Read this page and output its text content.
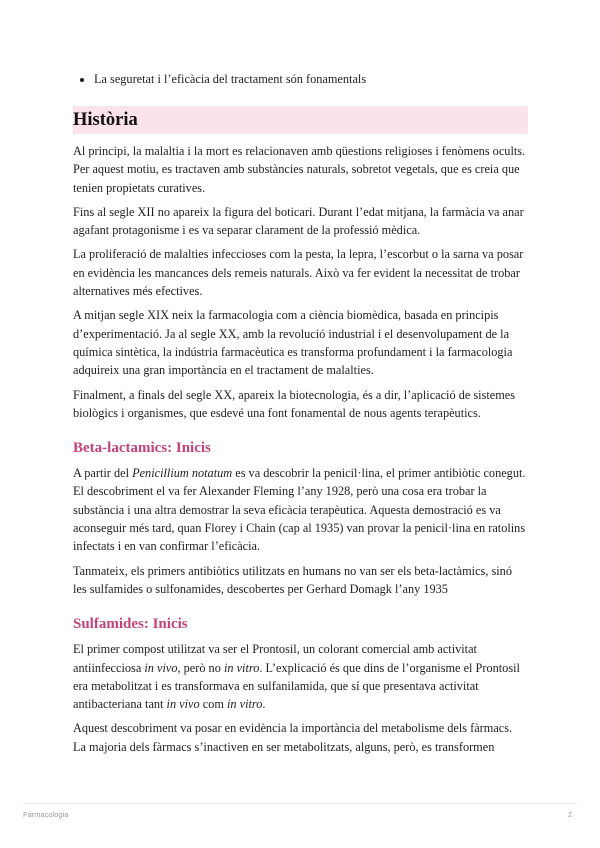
• La seguretat i l’eficàcia del tractament són fonamentals
Història

Al principi, la malaltia i la mort es relacionaven amb qüestions religioses i fenòmens ocults. Per aquest motiu, es tractaven amb substàncies naturals, sobretot vegetals, que es creia que tenien propietats curatives.

Fins al segle XII no apareix la figura del boticari. Durant l’edat mitjana, la farmàcia va anar agafant protagonisme i es va separar clarament de la professió mèdica.

La proliferació de malalties infeccioses com la pesta, la lepra, l’escorbut o la sarna va posar en evidència les mancances dels remeis naturals. Això va fer evident la necessitat de trobar alternatives més efectives.

A mitjan segle XIX neix la farmacologia com a ciència biomèdica, basada en principis d’experimentació. Ja al segle XX, amb la revolució industrial i el desenvolupament de la química sintètica, la indústria farmacèutica es transforma profundament i la farmacologia adquireix una gran importància en el tractament de malalties.

Finalment, a finals del segle XX, apareix la biotecnologia, és a dir, l’aplicació de sistemes biològics i organismes, que esdevé una font fonamental de nous agents terapèutics.

Beta-lactamics: Inicis

A partir del Penicillium notatum es va descobrir la penicil·lina, el primer antibiòtic conegut. El descobriment el va fer Alexander Fleming l’any 1928, però una cosa era trobar la substància i una altra demostrar la seva eficàcia terapèutica. Aquesta demostració es va aconseguir més tard, quan Florey i Chain (cap al 1935) van provar la penicil·lina en ratolins infectats i en van confirmar l’eficàcia.

Tanmateix, els primers antibiòtics utilitzats en humans no van ser els beta-lactàmics, sinó les sulfamides o sulfonamides, descobertes per Gerhard Domagk l’any 1935

Sulfamides: Inicis

El primer compost utilitzat va ser el Prontosil, un colorant comercial amb activitat antiinfecciosa in vivo, però no in vitro. L’explicació és que dins de l’organisme el Prontosil era metabolitzat i es transformava en sulfanilamida, que sí que presentava activitat antibacteriana tant in vivo com in vitro.

Aquest descobriment va posar en evidència la importància del metabolisme dels fàrmacs. La majoria dels fàrmacs s’inactiven en ser metabolitzats, alguns, però, es transformen

Farmacologia	2
